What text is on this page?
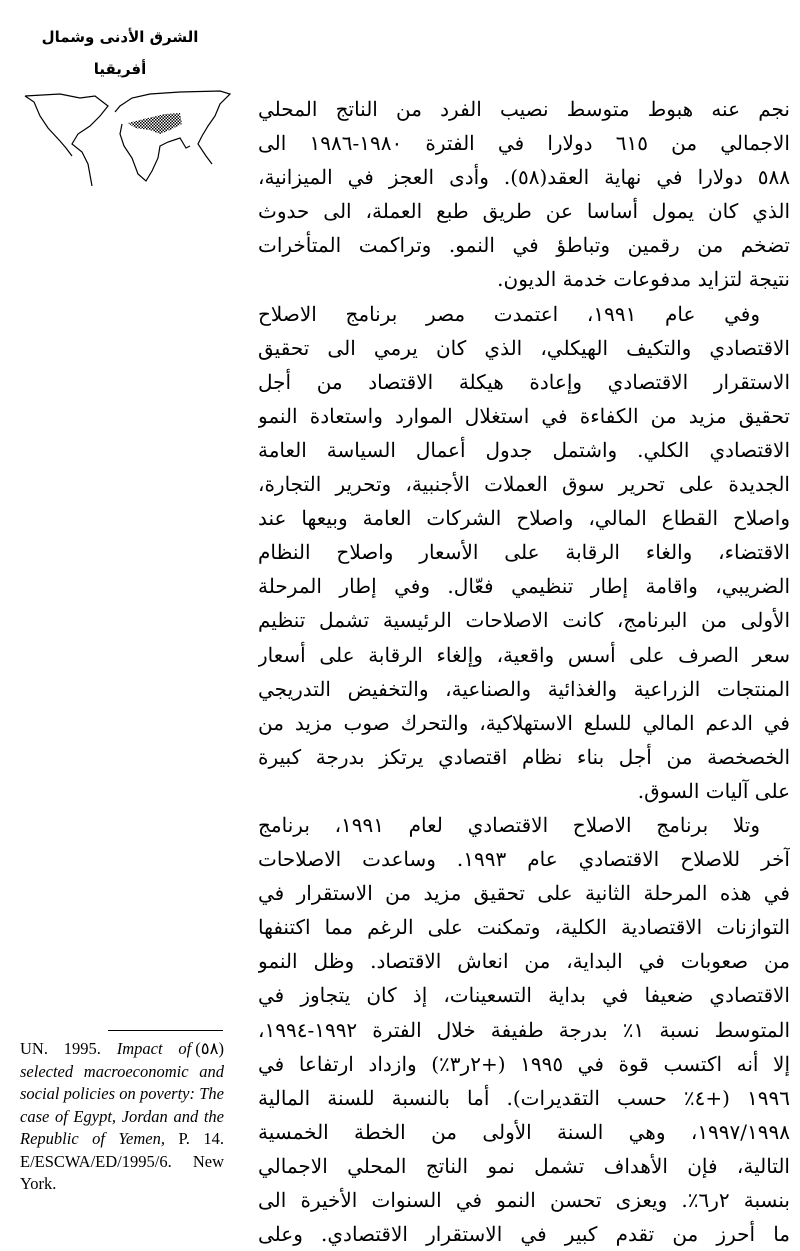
الشرق الأدنى وشمال
أفريقيا
نجم عنه هبوط متوسط نصيب الفرد من الناتج المحلي
الاجمالي من ٦١٥ دولارا في الفترة ١٩٨٠-١٩٨٦ الى
٥٨٨ دولارا في نهاية العقد(٥٨). وأدى العجز في الميزانية،
الذي كان يمول أساسا عن طريق طبع العملة، الى حدوث
تضخم من رقمين وتباطؤ في النمو. وتراكمت المتأخرات
نتيجة لتزايد مدفوعات خدمة الديون.
وفي عام ١٩٩١، اعتمدت مصر برنامج الاصلاح
الاقتصادي والتكيف الهيكلي، الذي كان يرمي الى تحقيق
الاستقرار الاقتصادي وإعادة هيكلة الاقتصاد من أجل
تحقيق مزيد من الكفاءة في استغلال الموارد واستعادة النمو
الاقتصادي الكلي. واشتمل جدول أعمال السياسة العامة
الجديدة على تحرير سوق العملات الأجنبية، وتحرير التجارة،
واصلاح القطاع المالي، واصلاح الشركات العامة وبيعها عند
الاقتضاء، والغاء الرقابة على الأسعار واصلاح النظام
الضريبي، واقامة إطار تنظيمي فعّال. وفي إطار المرحلة
الأولى من البرنامج، كانت الاصلاحات الرئيسية تشمل تنظيم
سعر الصرف على أسس واقعية، وإلغاء الرقابة على أسعار
المنتجات الزراعية والغذائية والصناعية، والتخفيض التدريجي
في الدعم المالي للسلع الاستهلاكية، والتحرك صوب مزيد من
الخصخصة من أجل بناء نظام اقتصادي يرتكز بدرجة كبيرة
على آليات السوق.
وتلا برنامج الاصلاح الاقتصادي لعام ١٩٩١، برنامج
آخر للاصلاح الاقتصادي عام ١٩٩٣. وساعدت الاصلاحات
في هذه المرحلة الثانية على تحقيق مزيد من الاستقرار في
التوازنات الاقتصادية الكلية، وتمكنت على الرغم مما اكتنفها
من صعوبات في البداية، من انعاش الاقتصاد. وظل النمو
الاقتصادي ضعيفا في بداية التسعينات، إذ كان يتجاوز في
المتوسط نسبة ١٪ بدرجة طفيفة خلال الفترة ١٩٩٢-١٩٩٤،
إلا أنه اكتسب قوة في ١٩٩٥ (+٢ر٣٪) وازداد ارتفاعا في
١٩٩٦ (+٤٪ حسب التقديرات). أما بالنسبة للسنة المالية
١٩٩٧/١٩٩٨، وهي السنة الأولى من الخطة الخمسية
التالية، فإن الأهداف تشمل نمو الناتج المحلي الاجمالي
بنسبة ٢ر٦٪. ويعزى تحسن النمو في السنوات الأخيرة الى
ما أحرز من تقدم كبير في الاستقرار الاقتصادي. وعلى
(٥٨)
UN. 1995. Impact of selected macroeconomic and social policies on poverty: The case of Egypt, Jordan and the Republic of Yemen, P. 14. E/ESCWA/ED/1995/6. New York.
